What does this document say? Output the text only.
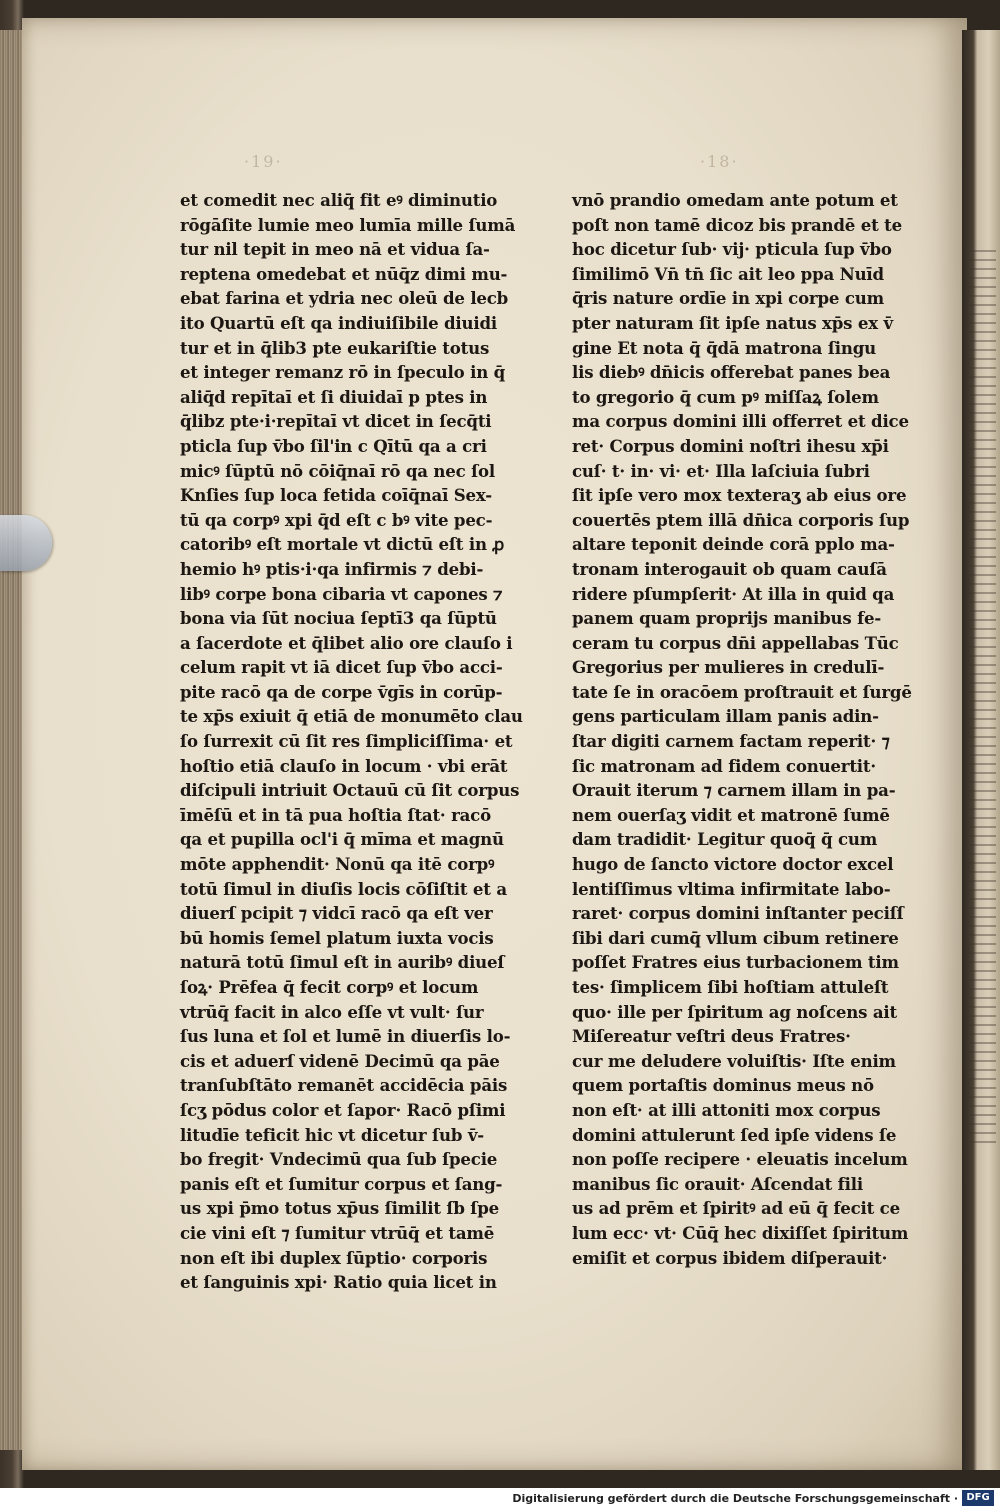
·19·	·18·
et comedit nec aliq̄ fit eꝰ diminutio
rōgāſite lumie meo lumīa mille ſumā
tur nil tepit in meo nā et vidua ſa-
reptena omedebat et nūq̄z dimi mu-
ebat farina et ydria nec oleū de lecb
ito Quartū eſt qa indiuiſibile diuidi
tur et in q̄lib3 pte eukariſtie totus
et integer remanz rō in ſpeculo in q̄
aliq̄d repītaī et ſi diuidaī p ptes in
q̄libz pte·i·repītaī vt dicet in ſecq̄ti
pticla ſup v̄bo ſil'in c Qītū qa a cri
micꝰ ſūptū nō cōiq̄naī rō qa nec ſol
Knſies ſup loca fetida coīq̄naī Sex-
tū qa corpꝰ xpi q̄d eſt c bꝰ vite pec-
catoribꝰ eſt mortale vt dictū eſt in ꝓ
hemio hꝰ ptis·i·qa infirmis ⁊ debi-
libꝰ corpe bona cibaria vt capones ⁊
bona via ſūt nociua ſeptī3 qa ſūptū
a ſacerdote et q̄libet alio ore clauſo i
celum rapit vt iā dicet ſup v̄bo acci-
pite racō qa de corpe v̄gīs in corūp-
te xp̄s exiuit q̄ etiā de monumēto clau
ſo ſurrexit cū ſit res ſimpliciſſima· et
hoſtio etiā clauſo in locum · vbi erāt
diſcipuli intriuit Octauū cū ſit corpus
īmēſū et in tā pua hoſtia ſtat· racō
qa et pupilla ocl'i q̄ mīma et magnū
mōte apphendit· Nonū qa itē corpꝰ
totū ſimul in diuſis locis cōſiſtit et a
diuerſ pcipit ⁊ vidcī racō qa eſt ver
bū homis ſemel platum iuxta vocis
naturā totū ſimul eſt in auribꝰ diueſ
ſoꝝ· Prēfea q̄ fecit corpꝰ et locum
vtrūq̄ facit in alco eſſe vt vult· ſur
ſus luna et ſol et lumē in diuerſis lo-
cis et aduerſ videnē Decimū qa pāe
tranſubſtāto remanēt accidēcia pāis
ſcʒ pōdus color et ſapor· Racō pſimi
litudīe teficit hic vt dicetur ſub v̄-
bo fregit· Vndecimū qua ſub ſpecie
panis eſt et ſumitur corpus et ſang-
us xpi p̄mo totus xp̄us ſimilit ſb ſpe
cie vini eſt ⁊ ſumitur vtrūq̄ et tamē
non eſt ibi duplex ſūptio· corporis
et ſanguinis xpi· Ratio quia licet in
vnō prandio omedam ante potum et
poſt non tamē dicoz bis prandē et te
hoc dicetur ſub· vij· pticula ſup v̄bo
ſimilimō Vn̄ tn̄ ſic ait leo ppa Nuīd
q̄ris nature ordīe in xpi corpe cum
pter naturam ſit ipſe natus xp̄s ex v̄
gine Et nota q̄ q̄dā matrona ſingu
lis diebꝰ dn̄icis offerebat panes bea
to gregorio q̄ cum pꝰ miſſaꝝ ſolem
ma corpus domini illi offerret et dice
ret· Corpus domini noſtri ihesu xp̄i
cuſ· t· in· vi· et· Illa laſciuia ſubri
ſit ipſe vero mox texteraʒ ab eius ore
couertēs ptem illā dn̄ica corporis ſup
altare teponit deinde corā pplo ma-
tronam interogauit ob quam cauſā
ridere pſumpſerit· At illa in quid qa
panem quam proprijs manibus fe-
ceram tu corpus dn̄i appellabas Tūc
Gregorius per mulieres in credulī-
tate ſe in oracōem proſtrauit et ſurgē
gens particulam illam panis adin-
ſtar digiti carnem factam reperit· ⁊
ſic matronam ad fidem conuertit·
Orauit iterum ⁊ carnem illam in pa-
nem ouerſaʒ vidit et matronē ſumē
dam tradidit· Legitur quoq̄ q̄ cum
hugo de ſancto victore doctor excel
lentiſſimus vltima infirmitate labo-
raret· corpus domini inſtanter peciſſ
ſibi dari cumq̄ vllum cibum retinere
poſſet Fratres eius turbacionem tim
tes· ſimplicem ſibi hoſtiam attuleſt
quo· ille per ſpiritum ag noſcens ait
Miſereatur veſtri deus Fratres·
cur me deludere voluiſtis· Iſte enim
quem portaſtis dominus meus nō
non eſt· at illi attoniti mox corpus
domini attulerunt ſed ipſe videns ſe
non poſſe recipere · eleuatis incelum
manibus ſic orauit· Aſcendat fili
us ad prēm et ſpiritꝰ ad eū q̄ fecit ce
lum ecc· vt· Cūq̄ hec dixiſſet ſpiritum
emiſit et corpus ibidem diſperauit·
Digitalisierung gefördert durch die Deutsche Forschungsgemeinschaft · DFG
